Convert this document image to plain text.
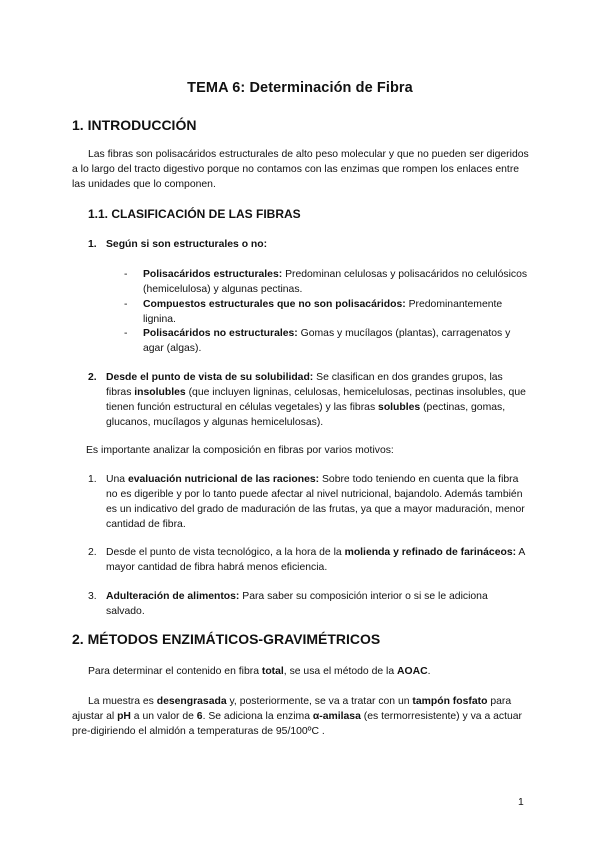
TEMA 6: Determinación de Fibra
1. INTRODUCCIÓN
Las fibras son polisacáridos estructurales de alto peso molecular y que no pueden ser digeridos a lo largo del tracto digestivo porque no contamos con las enzimas que rompen los enlaces entre las unidades que lo componen.
1.1. CLASIFICACIÓN DE LAS FIBRAS
1. Según si son estructurales o no:
- Polisacáridos estructurales: Predominan celulosas y polisacáridos no celulósicos (hemicelulosa) y algunas pectinas.
- Compuestos estructurales que no son polisacáridos: Predominantemente lignina.
- Polisacáridos no estructurales: Gomas y mucílagos (plantas), carragenatos y agar (algas).
2. Desde el punto de vista de su solubilidad: Se clasifican en dos grandes grupos, las fibras insolubles (que incluyen ligninas, celulosas, hemicelulosas, pectinas insolubles, que tienen función estructural en células vegetales) y las fibras solubles (pectinas, gomas, glucanos, mucílagos y algunas hemicelulosas).
Es importante analizar la composición en fibras por varios motivos:
1. Una evaluación nutricional de las raciones: Sobre todo teniendo en cuenta que la fibra no es digerible y por lo tanto puede afectar al nivel nutricional, bajandolo. Además también es un indicativo del grado de maduración de las frutas, ya que a mayor maduración, menor cantidad de fibra.
2. Desde el punto de vista tecnológico, a la hora de la molienda y refinado de farináceos: A mayor cantidad de fibra habrá menos eficiencia.
3. Adulteración de alimentos: Para saber su composición interior o si se le adiciona salvado.
2. MÉTODOS ENZIMÁTICOS-GRAVIMÉTRICOS
Para determinar el contenido en fibra total, se usa el método de la AOAC.
La muestra es desengrasada y, posteriormente, se va a tratar con un tampón fosfato para ajustar al pH a un valor de 6. Se adiciona la enzima α-amilasa (es termorresistente) y va a actuar pre-digiriendo el almidón a temperaturas de 95/100ºC .
1
